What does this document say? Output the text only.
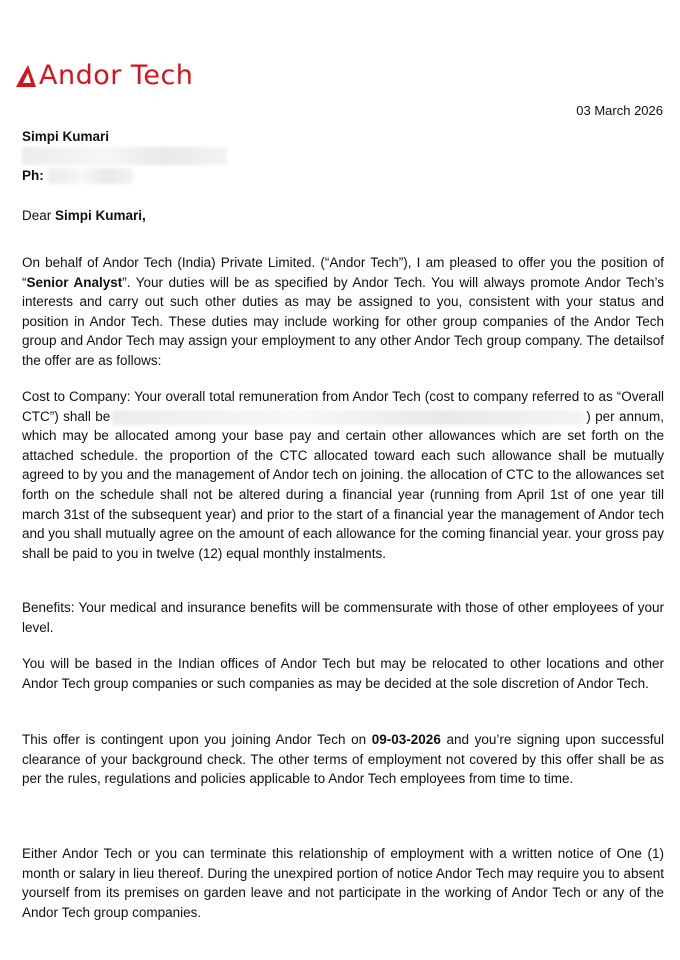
Andor Tech
03 March 2026
Simpi Kumari
Ph:
Dear Simpi Kumari,

On behalf of Andor Tech (India) Private Limited. (“Andor Tech”), I am pleased to offer you the position of “Senior Analyst”. Your duties will be as specified by Andor Tech. You will always promote Andor Tech’s interests and carry out such other duties as may be assigned to you, consistent with your status and position in Andor Tech. These duties may include working for other group companies of the Andor Tech group and Andor Tech may assign your employment to any other Andor Tech group company. The detailsof the offer are as follows:

Cost to Company: Your overall total remuneration from Andor Tech (cost to company referred to as “Overall CTC”) shall be	) per annum, which may be allocated among your base pay and certain other allowances which are set forth on the attached schedule. the proportion of the CTC allocated toward each such allowance shall be mutually agreed to by you and the management of Andor tech on joining. the allocation of CTC to the allowances set forth on the schedule shall not be altered during a financial year (running from April 1st of one year till march 31st of the subsequent year) and prior to the start of a financial year the management of Andor tech and you shall mutually agree on the amount of each allowance for the coming financial year. your gross pay shall be paid to you in twelve (12) equal monthly instalments.

Benefits: Your medical and insurance benefits will be commensurate with those of other employees of your level.

You will be based in the Indian offices of Andor Tech but may be relocated to other locations and other Andor Tech group companies or such companies as may be decided at the sole discretion of Andor Tech.

This offer is contingent upon you joining Andor Tech on 09-03-2026 and you’re signing upon successful clearance of your background check. The other terms of employment not covered by this offer shall be as per the rules, regulations and policies applicable to Andor Tech employees from time to time.

Either Andor Tech or you can terminate this relationship of employment with a written notice of One (1) month or salary in lieu thereof. During the unexpired portion of notice Andor Tech may require you to absent yourself from its premises on garden leave and not participate in the working of Andor Tech or any of the Andor Tech group companies.
